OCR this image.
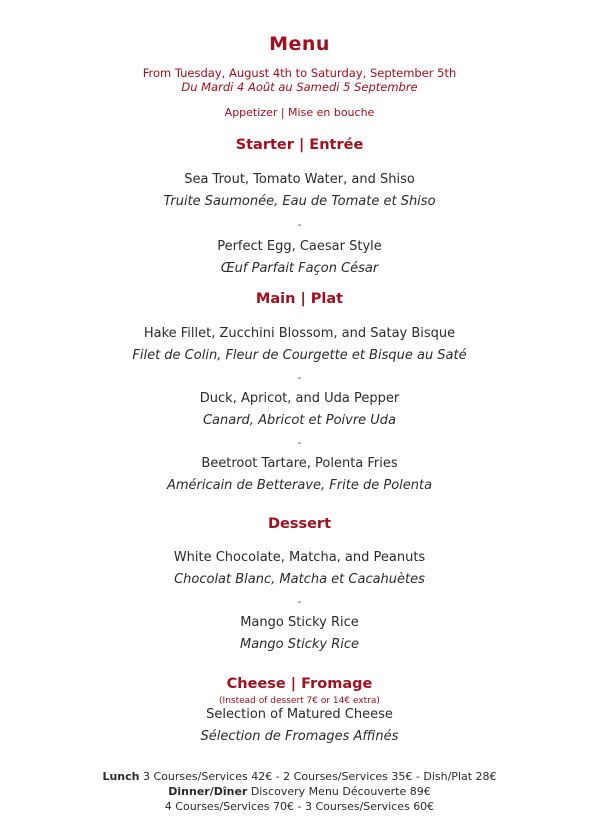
Menu

From Tuesday, August 4th to Saturday, September 5th

Du Mardi 4 Août au Samedi 5 Septembre

Appetizer | Mise en bouche

Starter | Entrée

Sea Trout, Tomato Water, and Shiso

Truite Saumonée, Eau de Tomate et Shiso

-

Perfect Egg, Caesar Style

Œuf Parfait Façon César

Main | Plat

Hake Fillet, Zucchini Blossom, and Satay Bisque

Filet de Colin, Fleur de Courgette et Bisque au Saté

-

Duck, Apricot, and Uda Pepper

Canard, Abricot et Poivre Uda

-

Beetroot Tartare, Polenta Fries

Américain de Betterave, Frite de Polenta

Dessert

White Chocolate, Matcha, and Peanuts

Chocolat Blanc, Matcha et Cacahuètes

-

Mango Sticky Rice

Mango Sticky Rice

Cheese | Fromage

(Instead of dessert 7€ or 14€ extra)

Selection of Matured Cheese

Sélection de Fromages Affinés

Lunch 3 Courses/Services 42€ - 2 Courses/Services 35€ - Dish/Plat 28€

Dinner/Dîner Discovery Menu Découverte 89€

4 Courses/Services 70€ - 3 Courses/Services 60€
